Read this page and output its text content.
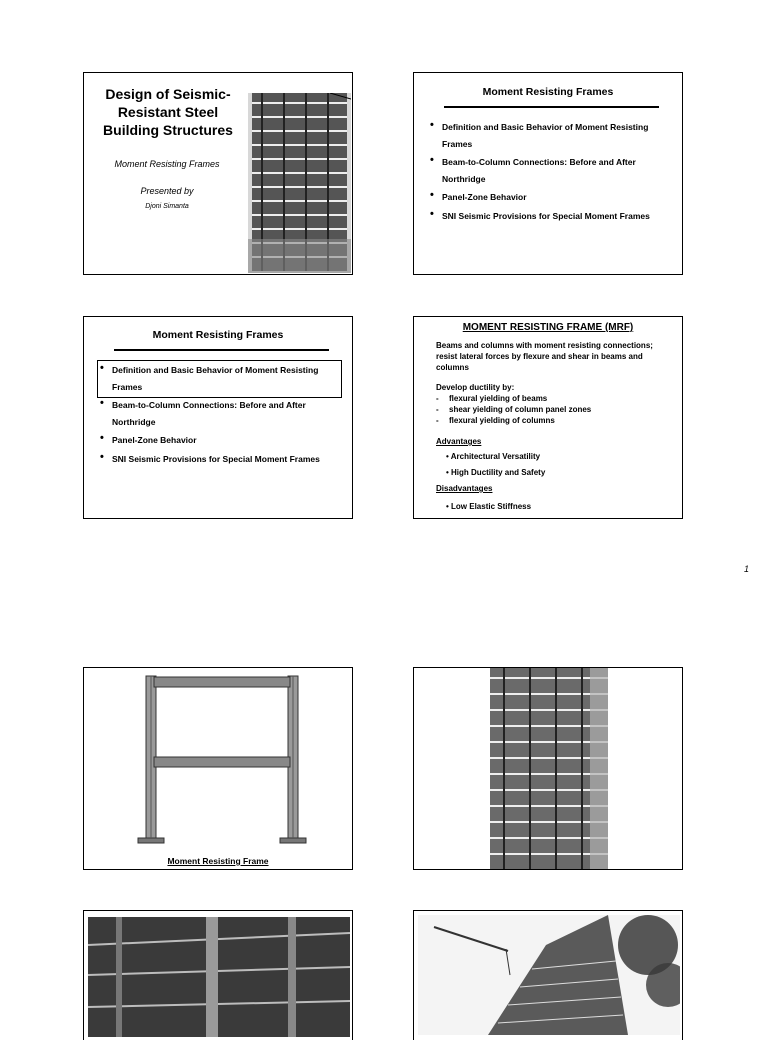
Design of Seismic-Resistant Steel Building Structures
Moment Resisting Frames
Presented by
Djoni Simanta
Moment Resisting Frames
• Definition and Basic Behavior of Moment Resisting Frames
• Beam-to-Column Connections: Before and After Northridge
• Panel-Zone Behavior
• SNI Seismic Provisions for Special Moment Frames
Moment Resisting Frames
• Definition and Basic Behavior of Moment Resisting Frames
• Beam-to-Column Connections: Before and After Northridge
• Panel-Zone Behavior
• SNI Seismic Provisions for Special Moment Frames
MOMENT RESISTING FRAME (MRF)
Beams and columns with moment resisting connections; resist lateral forces by flexure and shear in beams and columns
Develop ductility by:
- flexural yielding of beams
- shear yielding of column panel zones
- flexural yielding of columns
Advantages
• Architectural Versatility
• High Ductility and Safety
Disadvantages
• Low Elastic Stiffness
Moment Resisting Frame
1
